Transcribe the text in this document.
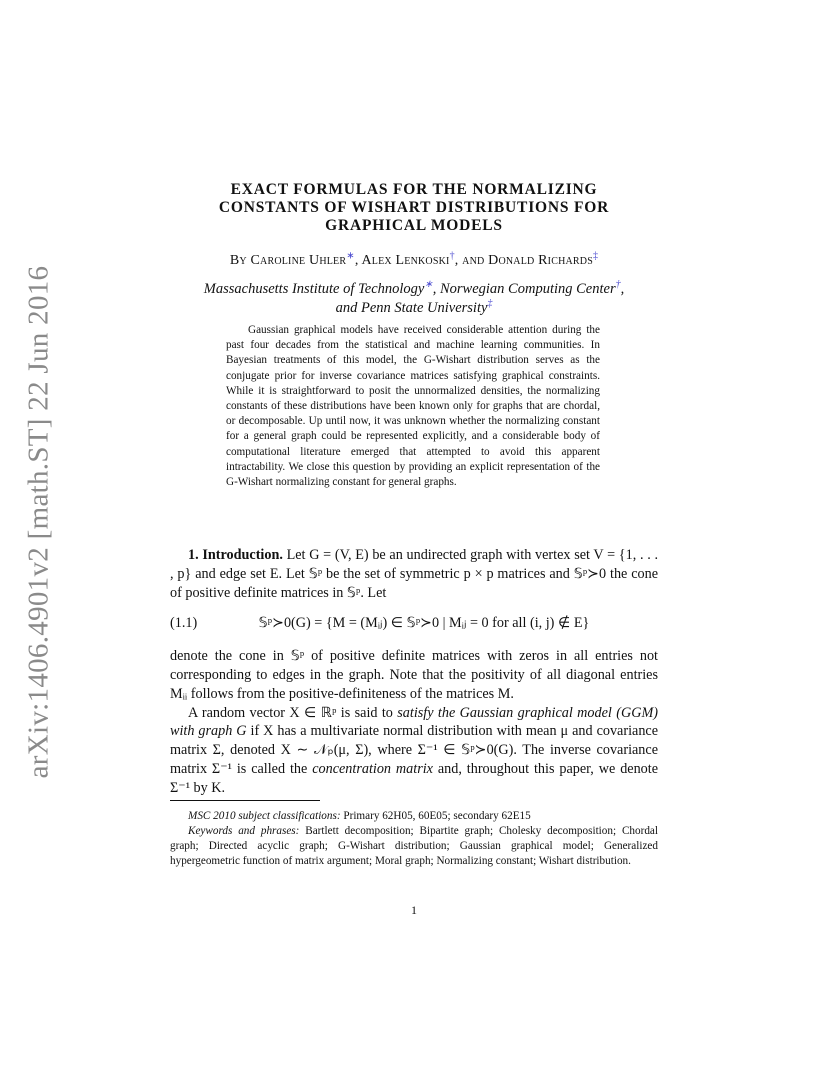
arXiv:1406.4901v2 [math.ST] 22 Jun 2016
EXACT FORMULAS FOR THE NORMALIZING
CONSTANTS OF WISHART DISTRIBUTIONS FOR
GRAPHICAL MODELS
By Caroline Uhler∗, Alex Lenkoski†, and Donald Richards‡
Massachusetts Institute of Technology∗, Norwegian Computing Center†,
and Penn State University‡

Gaussian graphical models have received considerable attention during the past four decades from the statistical and machine learning communities. In Bayesian treatments of this model, the G-Wishart distribution serves as the conjugate prior for inverse covariance matrices satisfying graphical constraints. While it is straightforward to posit the unnormalized densities, the normalizing constants of these distributions have been known only for graphs that are chordal, or decomposable. Up until now, it was unknown whether the normalizing constant for a general graph could be represented explicitly, and a considerable body of computational literature emerged that attempted to avoid this apparent intractability. We close this question by providing an explicit representation of the G-Wishart normalizing constant for general graphs.

1. Introduction. Let G = (V, E) be an undirected graph with vertex set V = {1, . . . , p} and edge set E. Let 𝕊ᵖ be the set of symmetric p × p matrices and 𝕊ᵖ≻0 the cone of positive definite matrices in 𝕊ᵖ. Let

(1.1)	𝕊ᵖ≻0(G) = {M = (Mᵢⱼ) ∈ 𝕊ᵖ≻0 | Mᵢⱼ = 0 for all (i, j) ∉ E}

denote the cone in 𝕊ᵖ of positive definite matrices with zeros in all entries not corresponding to edges in the graph. Note that the positivity of all diagonal entries Mᵢᵢ follows from the positive-definiteness of the matrices M.

A random vector X ∈ ℝᵖ is said to satisfy the Gaussian graphical model (GGM) with graph G if X has a multivariate normal distribution with mean μ and covariance matrix Σ, denoted X ∼ 𝒩ₚ(μ, Σ), where Σ⁻¹ ∈ 𝕊ᵖ≻0(G). The inverse covariance matrix Σ⁻¹ is called the concentration matrix and, throughout this paper, we denote Σ⁻¹ by K.

MSC 2010 subject classifications: Primary 62H05, 60E05; secondary 62E15

Keywords and phrases: Bartlett decomposition; Bipartite graph; Cholesky decomposition; Chordal graph; Directed acyclic graph; G-Wishart distribution; Gaussian graphical model; Generalized hypergeometric function of matrix argument; Moral graph; Normalizing constant; Wishart distribution.

1
